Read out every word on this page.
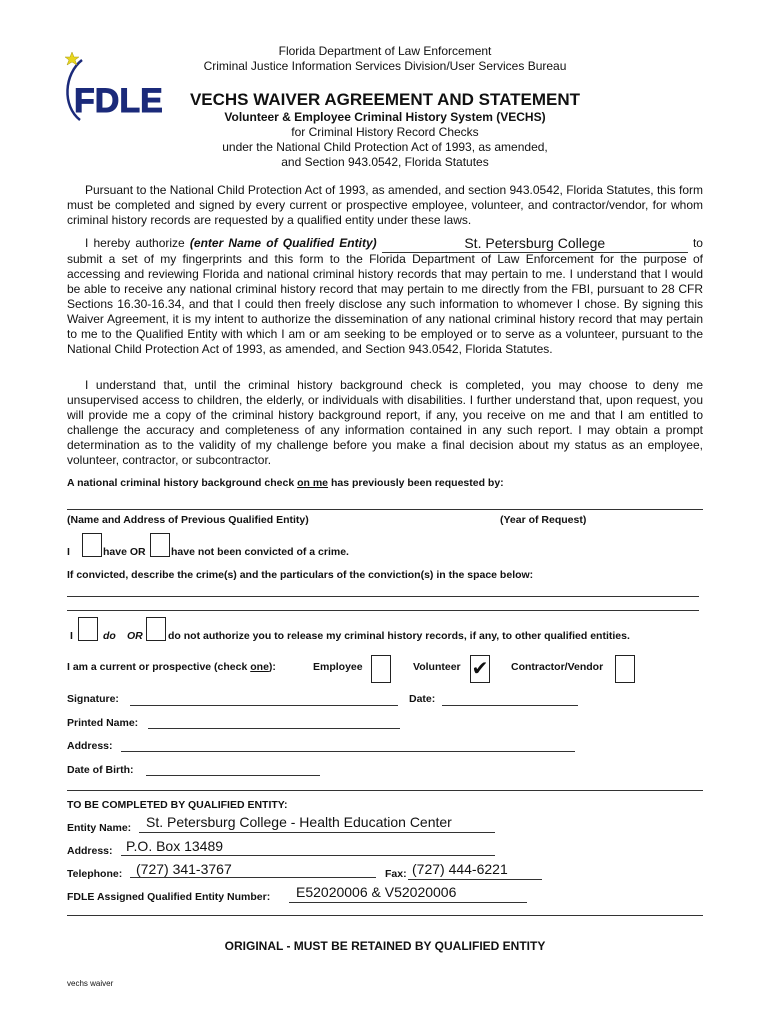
FDLE
Florida Department of Law Enforcement
Criminal Justice Information Services Division/User Services Bureau
VECHS WAIVER AGREEMENT AND STATEMENT
Volunteer & Employee Criminal History System (VECHS)
for Criminal History Record Checks
under the National Child Protection Act of 1993, as amended,
and Section 943.0542, Florida Statutes
Pursuant to the National Child Protection Act of 1993, as amended, and section 943.0542, Florida Statutes, this form must be completed and signed by every current or prospective employee, volunteer, and contractor/vendor, for whom criminal history records are requested by a qualified entity under these laws.
I hereby authorize (enter Name of Qualified Entity)	St. Petersburg College	to submit a set of my fingerprints and this form to the Florida Department of Law Enforcement for the purpose of accessing and reviewing Florida and national criminal history records that may pertain to me. I understand that I would be able to receive any national criminal history record that may pertain to me directly from the FBI, pursuant to 28 CFR Sections 16.30-16.34, and that I could then freely disclose any such information to whomever I chose. By signing this Waiver Agreement, it is my intent to authorize the dissemination of any national criminal history record that may pertain to me to the Qualified Entity with which I am or am seeking to be employed or to serve as a volunteer, pursuant to the National Child Protection Act of 1993, as amended, and Section 943.0542, Florida Statutes.
I understand that, until the criminal history background check is completed, you may choose to deny me unsupervised access to children, the elderly, or individuals with disabilities. I further understand that, upon request, you will provide me a copy of the criminal history background report, if any, you receive on me and that I am entitled to challenge the accuracy and completeness of any information contained in any such report. I may obtain a prompt determination as to the validity of my challenge before you make a final decision about my status as an employee, volunteer, contractor, or subcontractor.
A national criminal history background check on me has previously been requested by:
(Name and Address of Previous Qualified Entity)	(Year of Request)
I	have OR have not been convicted of a crime.
If convicted, describe the crime(s) and the particulars of the conviction(s) in the space below:
I	do OR do not authorize you to release my criminal history records, if any, to other qualified entities.
I am a current or prospective (check one):	Employee	Volunteer ✔ Contractor/Vendor
Signature:	Date:
Printed Name:
Address:
Date of Birth:
TO BE COMPLETED BY QUALIFIED ENTITY:
Entity Name: St. Petersburg College - Health Education Center
Address: P.O. Box 13489
Telephone: (727) 341-3767	Fax: (727) 444-6221
FDLE Assigned Qualified Entity Number: E52020006 & V52020006
ORIGINAL - MUST BE RETAINED BY QUALIFIED ENTITY
vechs waiver
